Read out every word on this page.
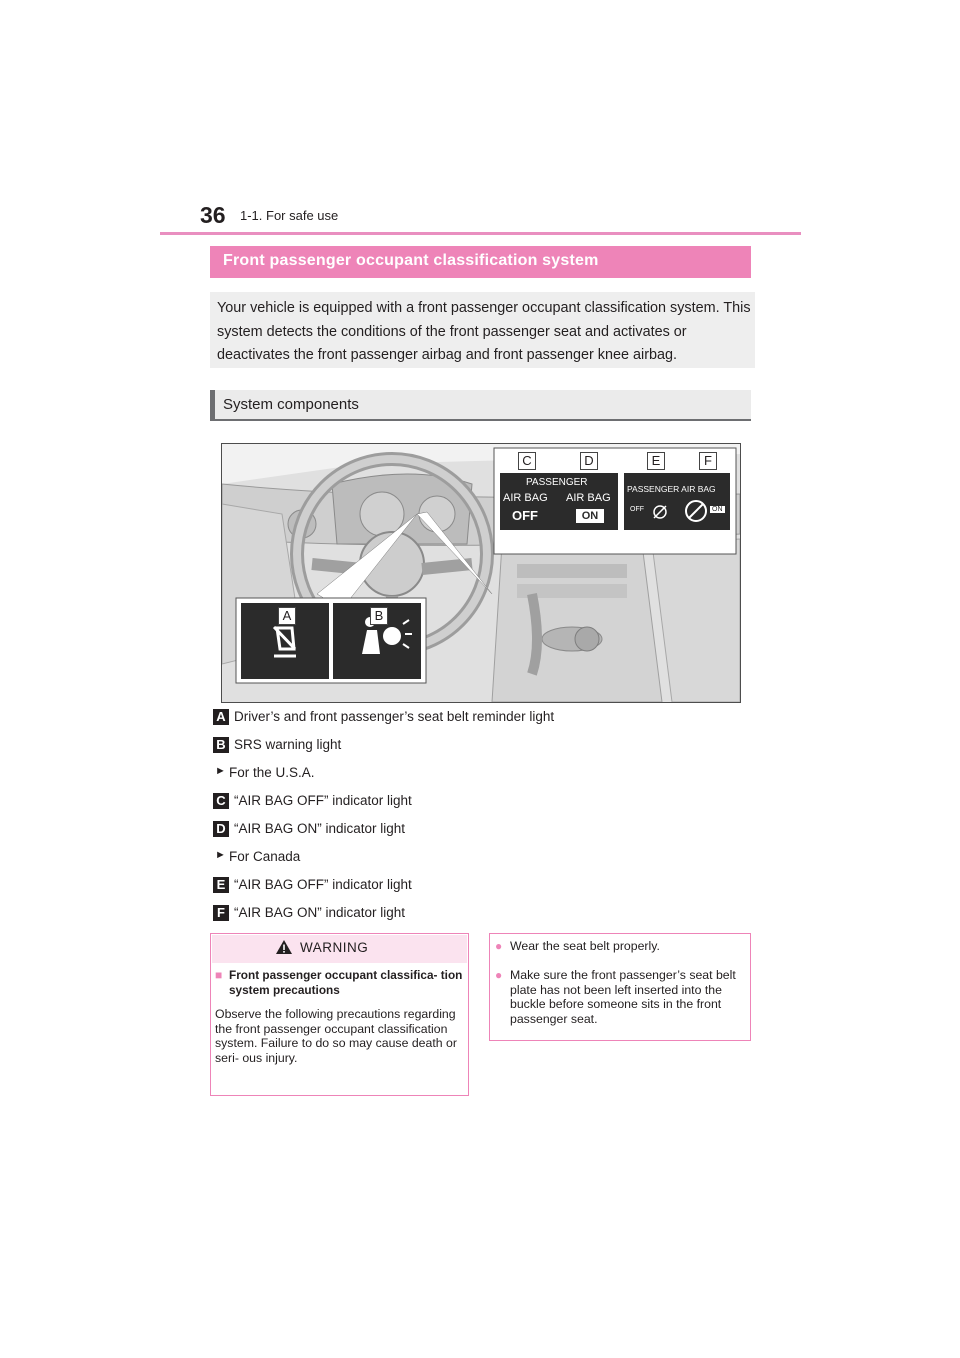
36 1-1. For safe use
Front passenger occupant classification system
Your vehicle is equipped with a front passenger occupant classification system. This system detects the conditions of the front passenger seat and activates or deactivates the front passenger airbag and front passenger knee airbag.
System components
C	D	E	F
A	B
PASSENGER
AIR BAG AIR BAG
OFF	ON
PASSENGER AIR BAG
OFF	ON
A Driver’s and front passenger’s seat belt reminder light
B SRS warning light
► For the U.S.A.
C “AIR BAG OFF” indicator light
D “AIR BAG ON” indicator light
► For Canada
E “AIR BAG OFF” indicator light
F “AIR BAG ON” indicator light
WARNING
■ Front passenger occupant classifica- tion system precautions
Observe the following precautions regarding the front passenger occupant classification system. Failure to do so may cause death or seri- ous injury.
● Wear the seat belt properly.
● Make sure the front passenger’s seat belt plate has not been left inserted into the buckle before someone sits in the front passenger seat.
